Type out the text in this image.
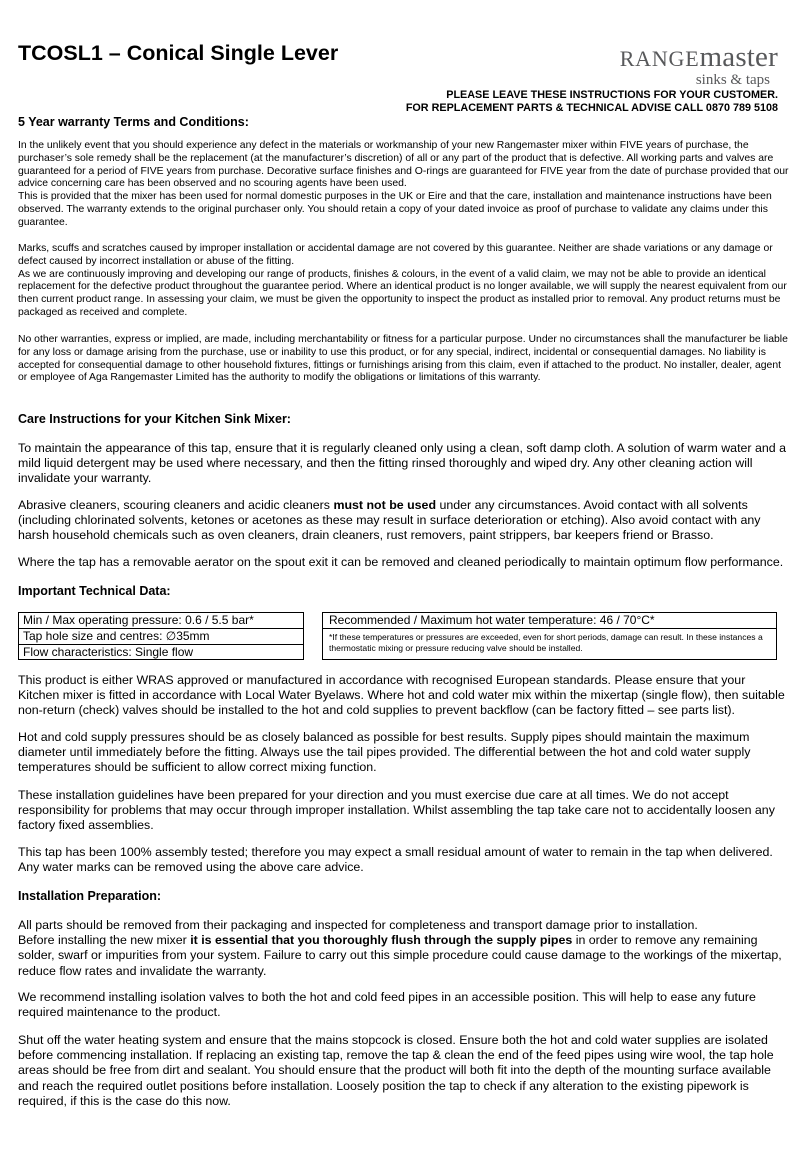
TCOSL1 – Conical Single Lever	RANGEmaster
sinks & taps
PLEASE LEAVE THESE INSTRUCTIONS FOR YOUR CUSTOMER.
FOR REPLACEMENT PARTS & TECHNICAL ADVISE CALL 0870 789 5108
5 Year warranty Terms and Conditions:

In the unlikely event that you should experience any defect in the materials or workmanship of your new Rangemaster mixer within FIVE years of purchase, the purchaser’s sole remedy shall be the replacement (at the manufacturer’s discretion) of all or any part of the product that is defective. All working parts and valves are guaranteed for a period of FIVE years from purchase. Decorative surface finishes and O-rings are guaranteed for FIVE year from the date of purchase provided that our advice concerning care has been observed and no scouring agents have been used.

This is provided that the mixer has been used for normal domestic purposes in the UK or Eire and that the care, installation and maintenance instructions have been observed. The warranty extends to the original purchaser only. You should retain a copy of your dated invoice as proof of purchase to validate any claims under this guarantee.

Marks, scuffs and scratches caused by improper installation or accidental damage are not covered by this guarantee. Neither are shade variations or any damage or defect caused by incorrect installation or abuse of the fitting.

As we are continuously improving and developing our range of products, finishes & colours, in the event of a valid claim, we may not be able to provide an identical replacement for the defective product throughout the guarantee period. Where an identical product is no longer available, we will supply the nearest equivalent from our then current product range. In assessing your claim, we must be given the opportunity to inspect the product as installed prior to removal. Any product returns must be packaged as received and complete.

No other warranties, express or implied, are made, including merchantability or fitness for a particular purpose. Under no circumstances shall the manufacturer be liable for any loss or damage arising from the purchase, use or inability to use this product, or for any special, indirect, incidental or consequential damages. No liability is accepted for consequential damage to other household fixtures, fittings or furnishings arising from this claim, even if attached to the product. No installer, dealer, agent or employee of Aga Rangemaster Limited has the authority to modify the obligations or limitations of this warranty.

Care Instructions for your Kitchen Sink Mixer:

To maintain the appearance of this tap, ensure that it is regularly cleaned only using a clean, soft damp cloth. A solution of warm water and a mild liquid detergent may be used where necessary, and then the fitting rinsed thoroughly and wiped dry. Any other cleaning action will invalidate your warranty.

Abrasive cleaners, scouring cleaners and acidic cleaners must not be used under any circumstances. Avoid contact with all solvents (including chlorinated solvents, ketones or acetones as these may result in surface deterioration or etching). Also avoid contact with any harsh household chemicals such as oven cleaners, drain cleaners, rust removers, paint strippers, bar keepers friend or Brasso.

Where the tap has a removable aerator on the spout exit it can be removed and cleaned periodically to maintain optimum flow performance.

Important Technical Data:
Min / Max operating pressure: 0.6 / 5.5 bar*
Tap hole size and centres: ∅35mm
Flow characteristics: Single flow
Recommended / Maximum hot water temperature: 46 / 70°C*
*If these temperatures or pressures are exceeded, even for short periods, damage can result. In these instances a thermostatic mixing or pressure reducing valve should be installed.

This product is either WRAS approved or manufactured in accordance with recognised European standards. Please ensure that your Kitchen mixer is fitted in accordance with Local Water Byelaws. Where hot and cold water mix within the mixertap (single flow), then suitable non-return (check) valves should be installed to the hot and cold supplies to prevent backflow (can be factory fitted – see parts list).

Hot and cold supply pressures should be as closely balanced as possible for best results. Supply pipes should maintain the maximum diameter until immediately before the fitting. Always use the tail pipes provided. The differential between the hot and cold water supply temperatures should be sufficient to allow correct mixing function.

These installation guidelines have been prepared for your direction and you must exercise due care at all times. We do not accept responsibility for problems that may occur through improper installation. Whilst assembling the tap take care not to accidentally loosen any factory fixed assemblies.

This tap has been 100% assembly tested; therefore you may expect a small residual amount of water to remain in the tap when delivered. Any water marks can be removed using the above care advice.

Installation Preparation:

All parts should be removed from their packaging and inspected for completeness and transport damage prior to installation.

Before installing the new mixer it is essential that you thoroughly flush through the supply pipes in order to remove any remaining solder, swarf or impurities from your system. Failure to carry out this simple procedure could cause damage to the workings of the mixertap, reduce flow rates and invalidate the warranty.

We recommend installing isolation valves to both the hot and cold feed pipes in an accessible position. This will help to ease any future required maintenance to the product.

Shut off the water heating system and ensure that the mains stopcock is closed. Ensure both the hot and cold water supplies are isolated before commencing installation. If replacing an existing tap, remove the tap & clean the end of the feed pipes using wire wool, the tap hole areas should be free from dirt and sealant. You should ensure that the product will both fit into the depth of the mounting surface available and reach the required outlet positions before installation. Loosely position the tap to check if any alteration to the existing pipework is required, if this is the case do this now.
